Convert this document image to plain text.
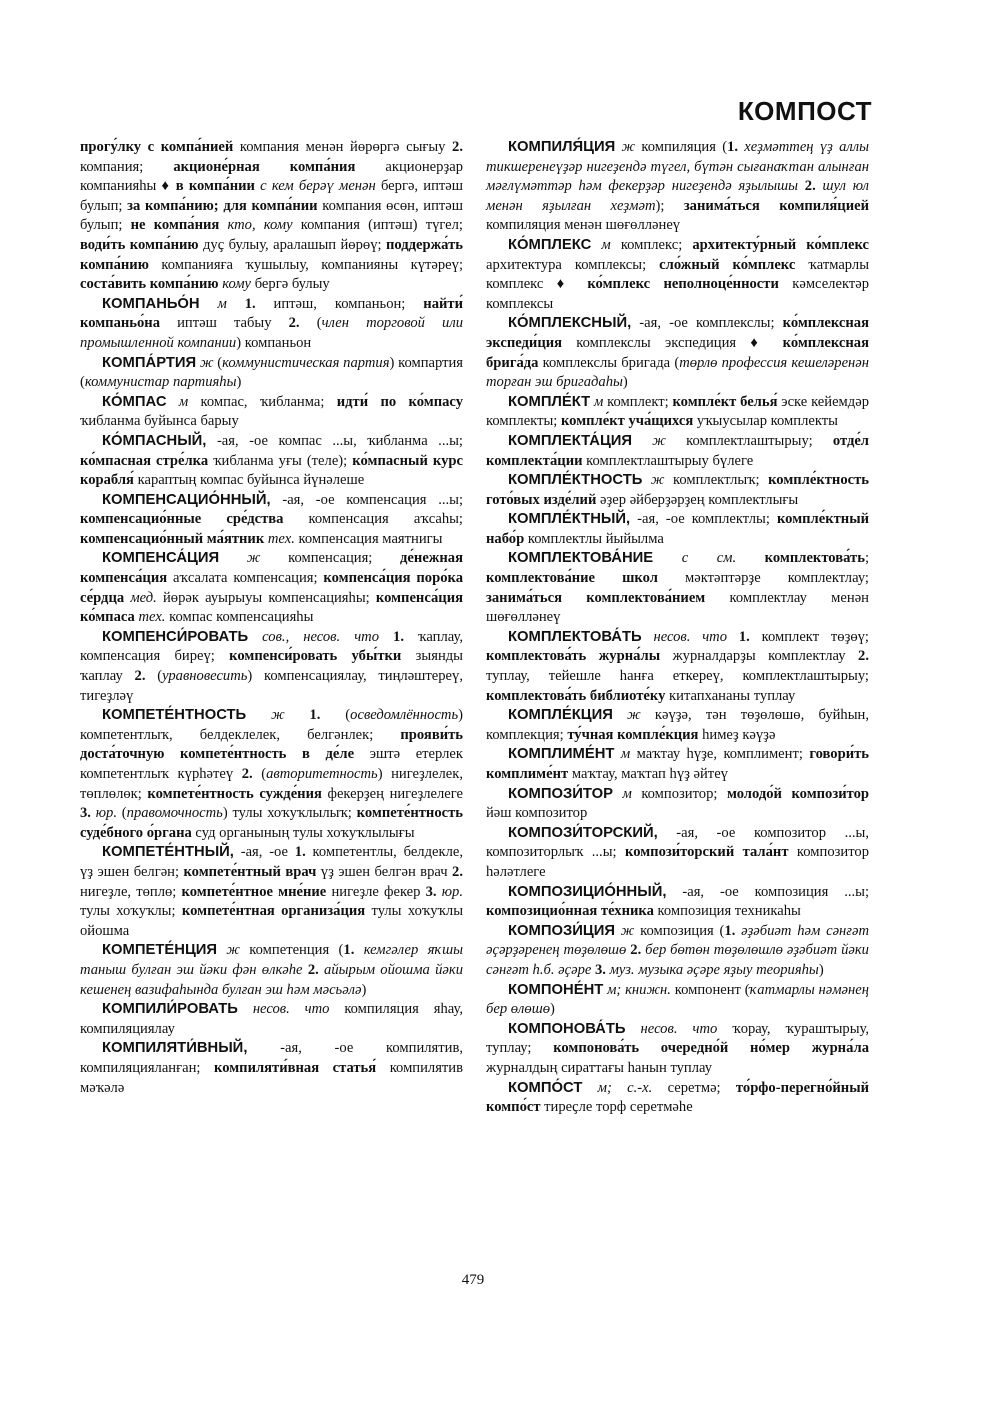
КОМПОСТ

прогу́лку с компа́нией компания менән йөрөргә сығыу 2. компания; акционе́рная компа́ния акционерҙар компанияһы ♦ в компа́нии с кем берәү менән бергә, иптәш булып; за компа́нию; для компа́нии компания өсөн, иптәш булып; не компа́ния кто, кому компания (иптәш) түгел; води́ть компа́нию дуҫ булыу, аралашып йөрөү; поддержа́ть компа́нию компанияға ҡушылыу, компанияны күтәреү; соста́вить компа́нию кому бергә булыу

КОМПАНЬО́Н м 1. иптәш, компаньон; найти́ компаньо́на иптәш табыу 2. (член торговой или промышленной компании) компаньон

КОМПА́РТИЯ ж (коммунистическая партия) компартия (коммунистар партияһы)

КО́МПАС м компас, ҡибланма; идти́ по ко́мпасу ҡибланма буйынса барыу

КО́МПАСНЫЙ, -ая, -ое компас ...ы, ҡибланма ...ы; ко́мпасная стре́лка ҡибланма уғы (теле); ко́мпасный курс корабля́ караптың компас буйынса йүнәлеше

КОМПЕНСАЦИО́ННЫЙ, -ая, -ое компенсация ...ы; компенсацио́нные сре́дства компенсация аҡсаһы; компенсацио́нный ма́ятник тех. компенсация маятнигы

КОМПЕНСА́ЦИЯ ж компенсация; де́нежная компенса́ция аҡсалата компенсация; компенса́ция поро́ка се́рдца мед. йөрәк ауырыуы компенсацияһы; компенса́ция ко́мпаса тех. компас компенсацияһы

КОМПЕНСИ́РОВАТЬ сов., несов. что 1. ҡаплау, компенсация биреү; компенси́ровать убы́тки зыянды ҡаплау 2. (уравновесить) компенсациялау, тиңләштереү, тигеҙләү

КОМПЕТЕ́НТНОСТЬ ж 1. (осведомлённость) компетентлыҡ, белдеклелек, белгәнлек; прояви́ть доста́точную компете́нтность в де́ле эштә етерлек компетентлыҡ күрһәтеү 2. (авторитетность) нигеҙлелек, төплөлөк; компете́нтность сужде́ния фекерҙең нигеҙлелеге 3. юр. (правомочность) тулы хоҡуҡлылыҡ; компете́нтность суде́бного о́ргана суд органының тулы хоҡуҡлылығы

КОМПЕТЕ́НТНЫЙ, -ая, -ое 1. компетентлы, белдекле, үҙ эшен белгән; компете́нтный врач үҙ эшен белгән врач 2. нигеҙле, төплө; компете́нтное мне́ние нигеҙле фекер 3. юр. тулы хоҡуҡлы; компете́нтная организа́ция тулы хоҡуҡлы ойошма

КОМПЕТЕ́НЦИЯ ж компетенция (1. кемгәлер яҡшы таныш булған эш йәки фән өлкәһе 2. айырым ойошма йәки кешенең вазифаһында булған эш һәм мәсьәлә)

КОМПИЛИ́РОВАТЬ несов. что компиляция яһау, компиляциялау

КОМПИЛЯТИ́ВНЫЙ, -ая, -ое компилятив, компиляцияланған; компиляти́вная статья́ компилятив мәҡәлә

КОМПИЛЯ́ЦИЯ ж компиляция (1. хеҙмәттең үҙ аллы тикшеренеүҙәр нигеҙендә түгел, бүтән сығанаҡтан алынған мәғлүмәттәр һәм фекерҙәр нигеҙендә яҙылышы 2. шул юл менән яҙылған хеҙмәт); занима́ться компиля́цией компиляция менән шөғөлләнеү

КО́МПЛЕКС м комплекс; архитекту́рный ко́мплекс архитектура комплексы; сло́жный ко́мплекс ҡатмарлы комплекс ♦ ко́мплекс неполноце́нности кәмселектәр комплексы

КО́МПЛЕКСНЫЙ, -ая, -ое комплекслы; ко́мплексная экспеди́ция комплекслы экспедиция ♦ ко́мплексная брига́да комплекслы бригада (төрлө профессия кешеләренән торған эш бригадаһы)

КОМПЛЕ́КТ м комплект; компле́кт белья́ эске кейемдәр комплекты; компле́кт уча́щихся уҡыусылар комплекты

КОМПЛЕКТА́ЦИЯ ж комплектлаштырыу; отде́л комплекта́ции комплектлаштырыу бүлеге

КОМПЛЕ́КТНОСТЬ ж комплектлыҡ; компле́ктность гото́вых изде́лий әҙер әйберҙәрҙең комплектлығы

КОМПЛЕ́КТНЫЙ, -ая, -ое комплектлы; компле́ктный набо́р комплектлы йыйылма

КОМПЛЕКТОВА́НИЕ с см. комплектова́ть; комплектова́ние школ мәктәптәрҙе комплектлау; занима́ться комплектова́нием комплектлау менән шөғөлләнеү

КОМПЛЕКТОВА́ТЬ несов. что 1. комплект төҙөү; комплектова́ть журна́лы журналдарҙы комплектлау 2. туплау, тейешле һанға еткереү, комплектлаштырыу; комплектова́ть библиоте́ку китапхананы туплау

КОМПЛЕ́КЦИЯ ж кәүҙә, тән төҙөлөшө, буйһын, комплекция; ту́чная компле́кция һимеҙ кәүҙә

КОМПЛИМЕ́НТ м маҡтау һүҙе, комплимент; говори́ть комплиме́нт маҡтау, маҡтап һүҙ әйтеү

КОМПОЗИ́ТОР м композитор; молодо́й компози́тор йәш композитор

КОМПОЗИ́ТОРСКИЙ, -ая, -ое композитор ...ы, композиторлыҡ ...ы; компози́торский тала́нт композитор һәләтлеге

КОМПОЗИЦИО́ННЫЙ, -ая, -ое композиция ...ы; композицио́нная те́хника композиция техникаһы

КОМПОЗИ́ЦИЯ ж композиция (1. әҙәбиәт һәм сәнғәт әҫәрҙәренең төҙөлөшө 2. бер бөтөн төҙөлөшлө әҙәбиәт йәки сәнғәт һ.б. әҫәре 3. муз. музыка әҫәре яҙыу теорияһы)

КОМПОНЕ́НТ м; книжн. компонент (ҡатмарлы нәмәнең бер өлөшө)

КОМПОНОВА́ТЬ несов. что ҡорау, ҡураштырыу, туплау; компонова́ть очередно́й но́мер журна́ла журналдың сираттағы һанын туплау

КОМПО́СТ м; с.-х. серетмә; то́рфо-перегно́йный компо́ст тиреҫле торф серетмәһе

479
